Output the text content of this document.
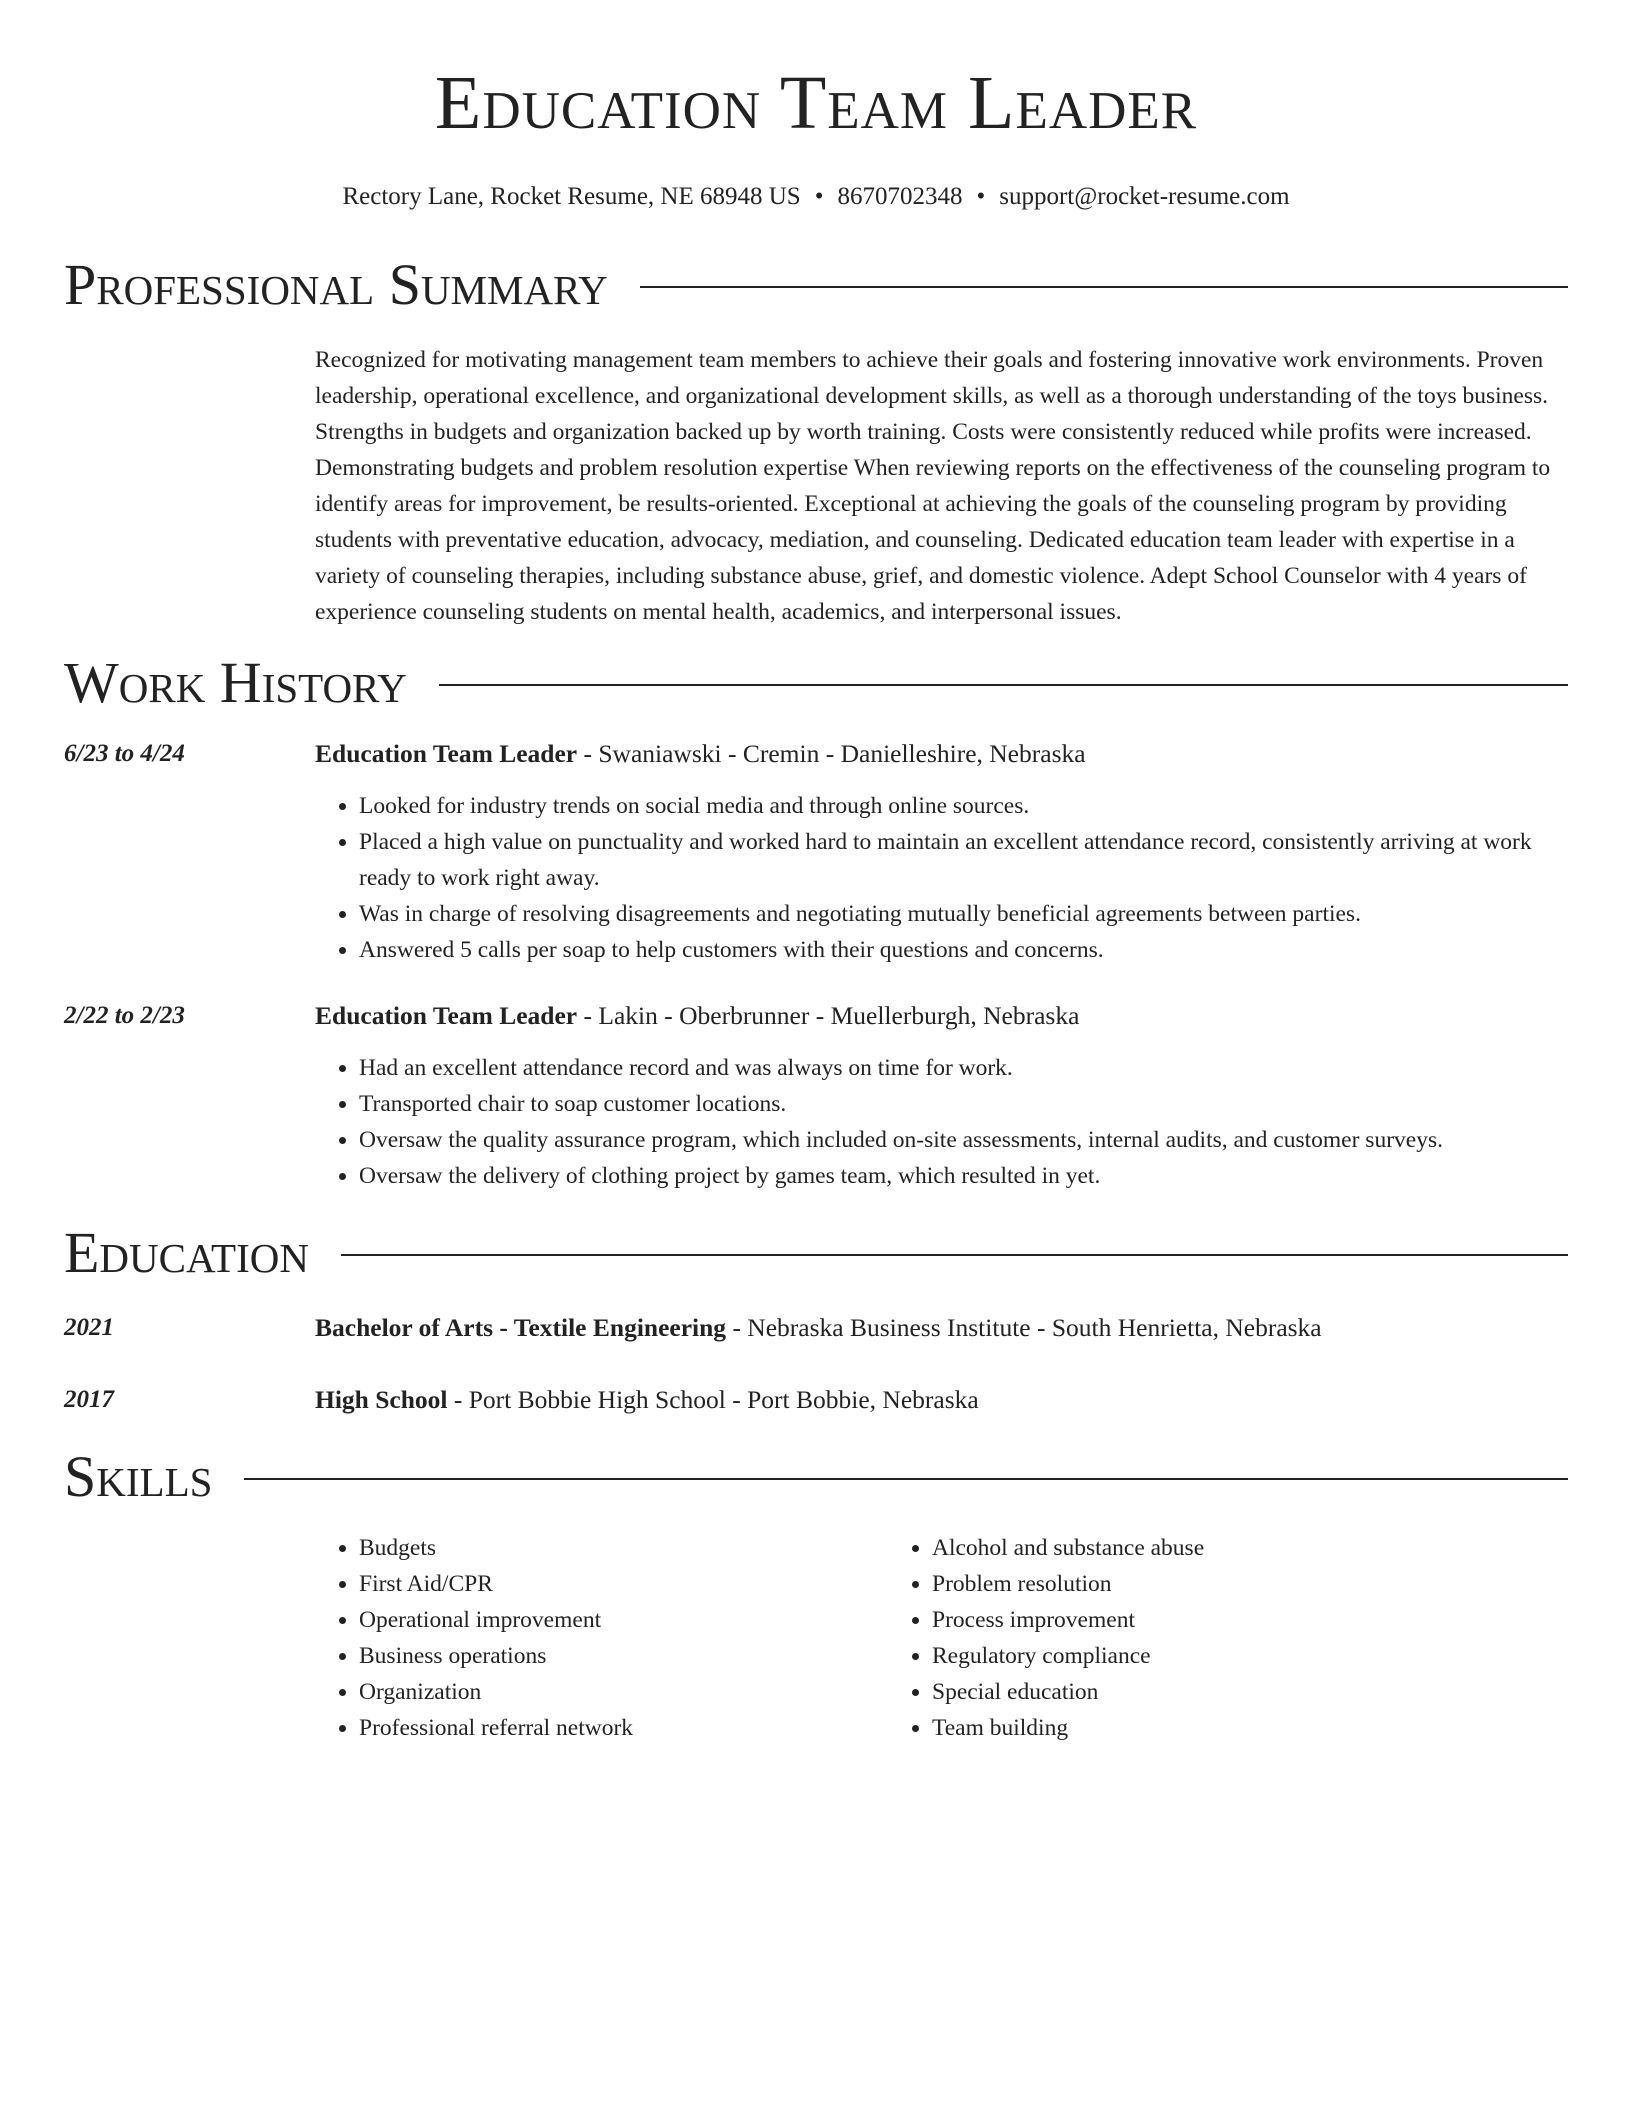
Education Team Leader
Rectory Lane, Rocket Resume, NE 68948 US • 8670702348 • support@rocket-resume.com
Professional Summary
Recognized for motivating management team members to achieve their goals and fostering innovative work environments. Proven leadership, operational excellence, and organizational development skills, as well as a thorough understanding of the toys business. Strengths in budgets and organization backed up by worth training. Costs were consistently reduced while profits were increased. Demonstrating budgets and problem resolution expertise When reviewing reports on the effectiveness of the counseling program to identify areas for improvement, be results-oriented. Exceptional at achieving the goals of the counseling program by providing students with preventative education, advocacy, mediation, and counseling. Dedicated education team leader with expertise in a variety of counseling therapies, including substance abuse, grief, and domestic violence. Adept School Counselor with 4 years of experience counseling students on mental health, academics, and interpersonal issues.
Work History
6/23 to 4/24	Education Team Leader - Swaniawski - Cremin - Danielleshire, Nebraska
• Looked for industry trends on social media and through online sources.
• Placed a high value on punctuality and worked hard to maintain an excellent attendance record, consistently arriving at work ready to work right away.
• Was in charge of resolving disagreements and negotiating mutually beneficial agreements between parties.
• Answered 5 calls per soap to help customers with their questions and concerns.
2/22 to 2/23	Education Team Leader - Lakin - Oberbrunner - Muellerburgh, Nebraska
• Had an excellent attendance record and was always on time for work.
• Transported chair to soap customer locations.
• Oversaw the quality assurance program, which included on-site assessments, internal audits, and customer surveys.
• Oversaw the delivery of clothing project by games team, which resulted in yet.
Education
2021	Bachelor of Arts - Textile Engineering - Nebraska Business Institute - South Henrietta, Nebraska
2017	High School - Port Bobbie High School - Port Bobbie, Nebraska
Skills
• Budgets
• First Aid/CPR
• Operational improvement
• Business operations
• Organization
• Professional referral network
• Alcohol and substance abuse
• Problem resolution
• Process improvement
• Regulatory compliance
• Special education
• Team building
